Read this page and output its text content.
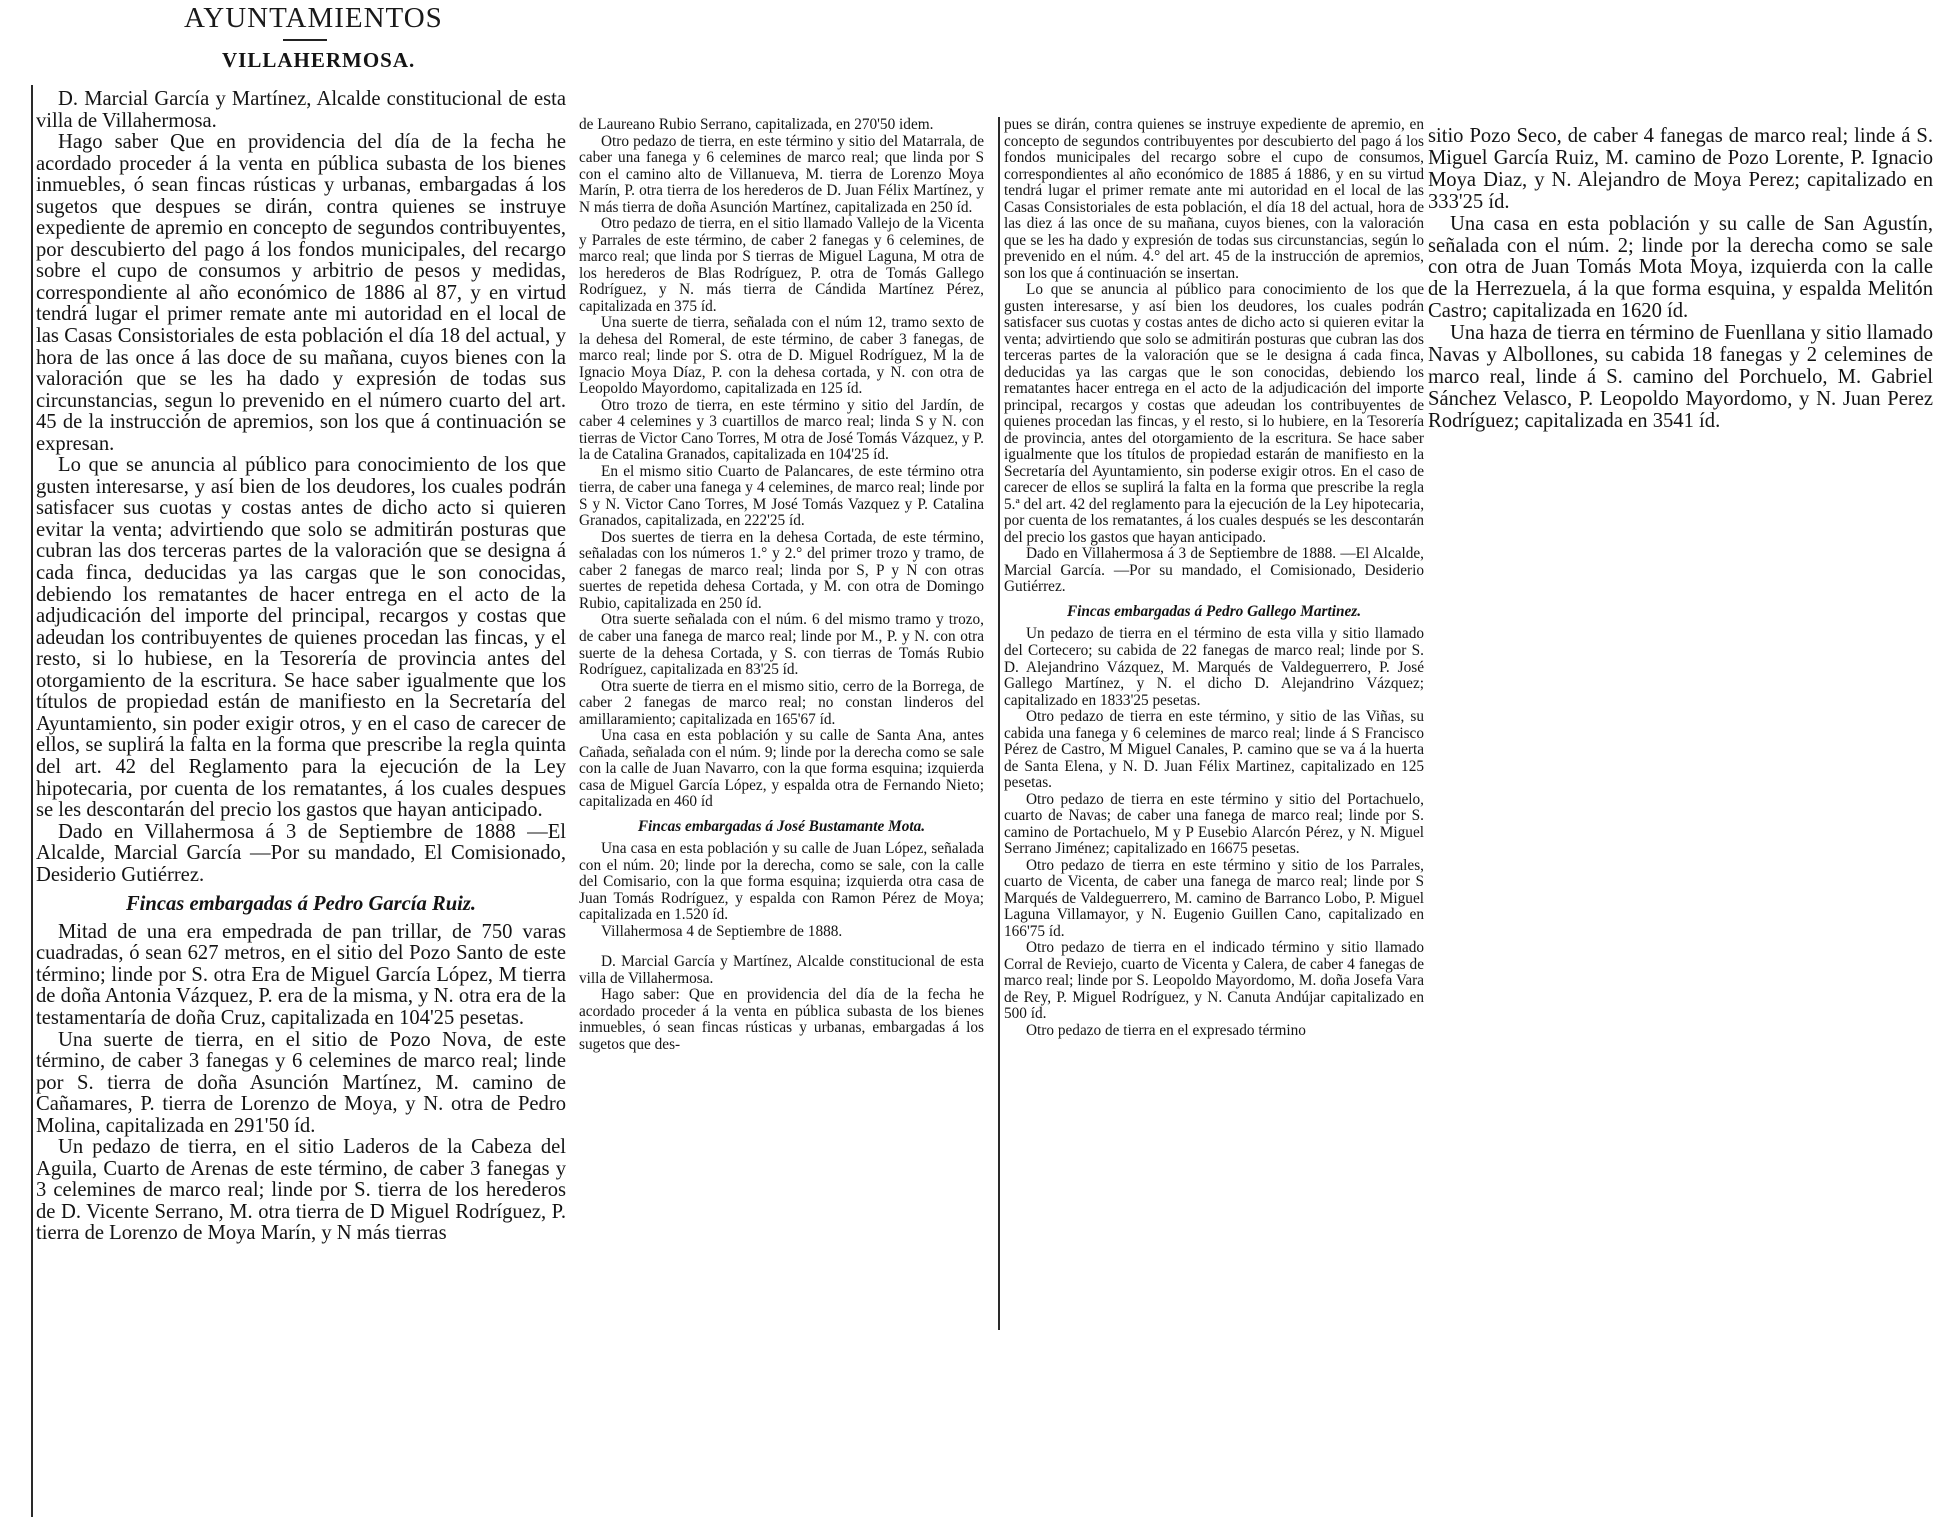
AYUNTAMIENTOS
VILLAHERMOSA.

D. Marcial García y Martínez, Alcalde constitucional de esta villa de Villahermosa.

Hago saber Que en providencia del día de la fecha he acordado proceder á la venta en pública subasta de los bienes inmuebles, ó sean fincas rústicas y urbanas, embargadas á los sugetos que despues se dirán, contra quienes se instruye expediente de apremio en concepto de segundos contribuyentes, por descubierto del pago á los fondos municipales, del recargo sobre el cupo de consumos y arbitrio de pesos y medidas, correspondiente al año económico de 1886 al 87, y en virtud tendrá lugar el primer remate ante mi autoridad en el local de las Casas Consistoriales de esta población el día 18 del actual, y hora de las once á las doce de su mañana, cuyos bienes con la valoración que se les ha dado y expresión de todas sus circunstancias, segun lo prevenido en el número cuarto del art. 45 de la instrucción de apremios, son los que á continuación se expresan.

Lo que se anuncia al público para conocimiento de los que gusten interesarse, y así bien de los deudores, los cuales podrán satisfacer sus cuotas y costas antes de dicho acto si quieren evitar la venta; advirtiendo que solo se admitirán posturas que cubran las dos terceras partes de la valoración que se designa á cada finca, deducidas ya las cargas que le son conocidas, debiendo los rematantes de hacer entrega en el acto de la adjudicación del importe del principal, recargos y costas que adeudan los contribuyentes de quienes procedan las fincas, y el resto, si lo hubiese, en la Tesorería de provincia antes del otorgamiento de la escritura. Se hace saber igualmente que los títulos de propiedad están de manifiesto en la Secretaría del Ayuntamiento, sin poder exigir otros, y en el caso de carecer de ellos, se suplirá la falta en la forma que prescribe la regla quinta del art. 42 del Reglamento para la ejecución de la Ley hipotecaria, por cuenta de los rematantes, á los cuales despues se les descontarán del precio los gastos que hayan anticipado.

Dado en Villahermosa á 3 de Septiembre de 1888 —El Alcalde, Marcial García —Por su mandado, El Comisionado, Desiderio Gutiérrez.

Fincas embargadas á Pedro García Ruiz.

Mitad de una era empedrada de pan trillar, de 750 varas cuadradas, ó sean 627 metros, en el sitio del Pozo Santo de este término; linde por S. otra Era de Miguel García López, M tierra de doña Antonia Vázquez, P. era de la misma, y N. otra era de la testamentaría de doña Cruz, capitalizada en 104'25 pesetas.

Una suerte de tierra, en el sitio de Pozo Nova, de este término, de caber 3 fanegas y 6 celemines de marco real; linde por S. tierra de doña Asunción Martínez, M. camino de Cañamares, P. tierra de Lorenzo de Moya, y N. otra de Pedro Molina, capitalizada en 291'50 íd.

Un pedazo de tierra, en el sitio Laderos de la Cabeza del Aguila, Cuarto de Arenas de este término, de caber 3 fanegas y 3 celemines de marco real; linde por S. tierra de los herederos de D. Vicente Serrano, M. otra tierra de D Miguel Rodríguez, P. tierra de Lorenzo de Moya Marín, y N más tierras

de Laureano Rubio Serrano, capitalizada, en 270'50 idem.

Otro pedazo de tierra, en este término y sitio del Matarrala, de caber una fanega y 6 celemines de marco real; que linda por S con el camino alto de Villanueva, M. tierra de Lorenzo Moya Marín, P. otra tierra de los herederos de D. Juan Félix Martínez, y N más tierra de doña Asunción Martínez, capitalizada en 250 íd.

Otro pedazo de tierra, en el sitio llamado Vallejo de la Vicenta y Parrales de este término, de caber 2 fanegas y 6 celemines, de marco real; que linda por S tierras de Miguel Laguna, M otra de los herederos de Blas Rodríguez, P. otra de Tomás Gallego Rodríguez, y N. más tierra de Cándida Martínez Pérez, capitalizada en 375 íd.

Una suerte de tierra, señalada con el núm 12, tramo sexto de la dehesa del Romeral, de este término, de caber 3 fanegas, de marco real; linde por S. otra de D. Miguel Rodríguez, M la de Ignacio Moya Díaz, P. con la dehesa cortada, y N. con otra de Leopoldo Mayordomo, capitalizada en 125 íd.

Otro trozo de tierra, en este término y sitio del Jardín, de caber 4 celemines y 3 cuartillos de marco real; linda S y N. con tierras de Victor Cano Torres, M otra de José Tomás Vázquez, y P. la de Catalina Granados, capitalizada en 104'25 íd.

En el mismo sitio Cuarto de Palancares, de este término otra tierra, de caber una fanega y 4 celemines, de marco real; linde por S y N. Victor Cano Torres, M José Tomás Vazquez y P. Catalina Granados, capitalizada, en 222'25 íd.

Dos suertes de tierra en la dehesa Cortada, de este término, señaladas con los números 1.° y 2.° del primer trozo y tramo, de caber 2 fanegas de marco real; linda por S, P y N con otras suertes de repetida dehesa Cortada, y M. con otra de Domingo Rubio, capitalizada en 250 íd.

Otra suerte señalada con el núm. 6 del mismo tramo y trozo, de caber una fanega de marco real; linde por M., P. y N. con otra suerte de la dehesa Cortada, y S. con tierras de Tomás Rubio Rodríguez, capitalizada en 83'25 íd.

Otra suerte de tierra en el mismo sitio, cerro de la Borrega, de caber 2 fanegas de marco real; no constan linderos del amillaramiento; capitalizada en 165'67 íd.

Una casa en esta población y su calle de Santa Ana, antes Cañada, señalada con el núm. 9; linde por la derecha como se sale con la calle de Juan Navarro, con la que forma esquina; izquierda casa de Miguel García López, y espalda otra de Fernando Nieto; capitalizada en 460 íd

Fincas embargadas á José Bustamante Mota.

Una casa en esta población y su calle de Juan López, señalada con el núm. 20; linde por la derecha, como se sale, con la calle del Comisario, con la que forma esquina; izquierda otra casa de Juan Tomás Rodríguez, y espalda con Ramon Pérez de Moya; capitalizada en 1.520 íd.

Villahermosa 4 de Septiembre de 1888.

D. Marcial García y Martínez, Alcalde constitucional de esta villa de Villahermosa.

Hago saber: Que en providencia del día de la fecha he acordado proceder á la venta en pública subasta de los bienes inmuebles, ó sean fincas rústicas y urbanas, embargadas á los sugetos que des-

pues se dirán, contra quienes se instruye expediente de apremio, en concepto de segundos contribuyentes por descubierto del pago á los fondos municipales del recargo sobre el cupo de consumos, correspondientes al año económico de 1885 á 1886, y en su virtud tendrá lugar el primer remate ante mi autoridad en el local de las Casas Consistoriales de esta población, el día 18 del actual, hora de las diez á las once de su mañana, cuyos bienes, con la valoración que se les ha dado y expresión de todas sus circunstancias, según lo prevenido en el núm. 4.° del art. 45 de la instrucción de apremios, son los que á continuación se insertan.

Lo que se anuncia al público para conocimiento de los que gusten interesarse, y así bien los deudores, los cuales podrán satisfacer sus cuotas y costas antes de dicho acto si quieren evitar la venta; advirtiendo que solo se admitirán posturas que cubran las dos terceras partes de la valoración que se le designa á cada finca, deducidas ya las cargas que le son conocidas, debiendo los rematantes hacer entrega en el acto de la adjudicación del importe principal, recargos y costas que adeudan los contribuyentes de quienes procedan las fincas, y el resto, si lo hubiere, en la Tesorería de provincia, antes del otorgamiento de la escritura. Se hace saber igualmente que los títulos de propiedad estarán de manifiesto en la Secretaría del Ayuntamiento, sin poderse exigir otros. En el caso de carecer de ellos se suplirá la falta en la forma que prescribe la regla 5.ª del art. 42 del reglamento para la ejecución de la Ley hipotecaria, por cuenta de los rematantes, á los cuales después se les descontarán del precio los gastos que hayan anticipado.

Dado en Villahermosa á 3 de Septiembre de 1888. —El Alcalde, Marcial García. —Por su mandado, el Comisionado, Desiderio Gutiérrez.

Fincas embargadas á Pedro Gallego Martinez.

Un pedazo de tierra en el término de esta villa y sitio llamado del Cortecero; su cabida de 22 fanegas de marco real; linde por S. D. Alejandrino Vázquez, M. Marqués de Valdeguerrero, P. José Gallego Martínez, y N. el dicho D. Alejandrino Vázquez; capitalizado en 1833'25 pesetas.

Otro pedazo de tierra en este término, y sitio de las Viñas, su cabida una fanega y 6 celemines de marco real; linde á S Francisco Pérez de Castro, M Miguel Canales, P. camino que se va á la huerta de Santa Elena, y N. D. Juan Félix Martinez, capitalizado en 125 pesetas.

Otro pedazo de tierra en este término y sitio del Portachuelo, cuarto de Navas; de caber una fanega de marco real; linde por S. camino de Portachuelo, M y P Eusebio Alarcón Pérez, y N. Miguel Serrano Jiménez; capitalizado en 16675 pesetas.

Otro pedazo de tierra en este término y sitio de los Parrales, cuarto de Vicenta, de caber una fanega de marco real; linde por S Marqués de Valdeguerrero, M. camino de Barranco Lobo, P. Miguel Laguna Villamayor, y N. Eugenio Guillen Cano, capitalizado en 166'75 íd.

Otro pedazo de tierra en el indicado término y sitio llamado Corral de Reviejo, cuarto de Vicenta y Calera, de caber 4 fanegas de marco real; linde por S. Leopoldo Mayordomo, M. doña Josefa Vara de Rey, P. Miguel Rodríguez, y N. Canuta Andújar capitalizado en 500 íd.

Otro pedazo de tierra en el expresado término

sitio Pozo Seco, de caber 4 fanegas de marco real; linde á S. Miguel García Ruiz, M. camino de Pozo Lorente, P. Ignacio Moya Diaz, y N. Alejandro de Moya Perez; capitalizado en 333'25 íd.

Una casa en esta población y su calle de San Agustín, señalada con el núm. 2; linde por la derecha como se sale con otra de Juan Tomás Mota Moya, izquierda con la calle de la Herrezuela, á la que forma esquina, y espalda Melitón Castro; capitalizada en 1620 íd.

Una haza de tierra en término de Fuenllana y sitio llamado Navas y Albollones, su cabida 18 fanegas y 2 celemines de marco real, linde á S. camino del Porchuelo, M. Gabriel Sánchez Velasco, P. Leopoldo Mayordomo, y N. Juan Perez Rodríguez; capitalizada en 3541 íd.
